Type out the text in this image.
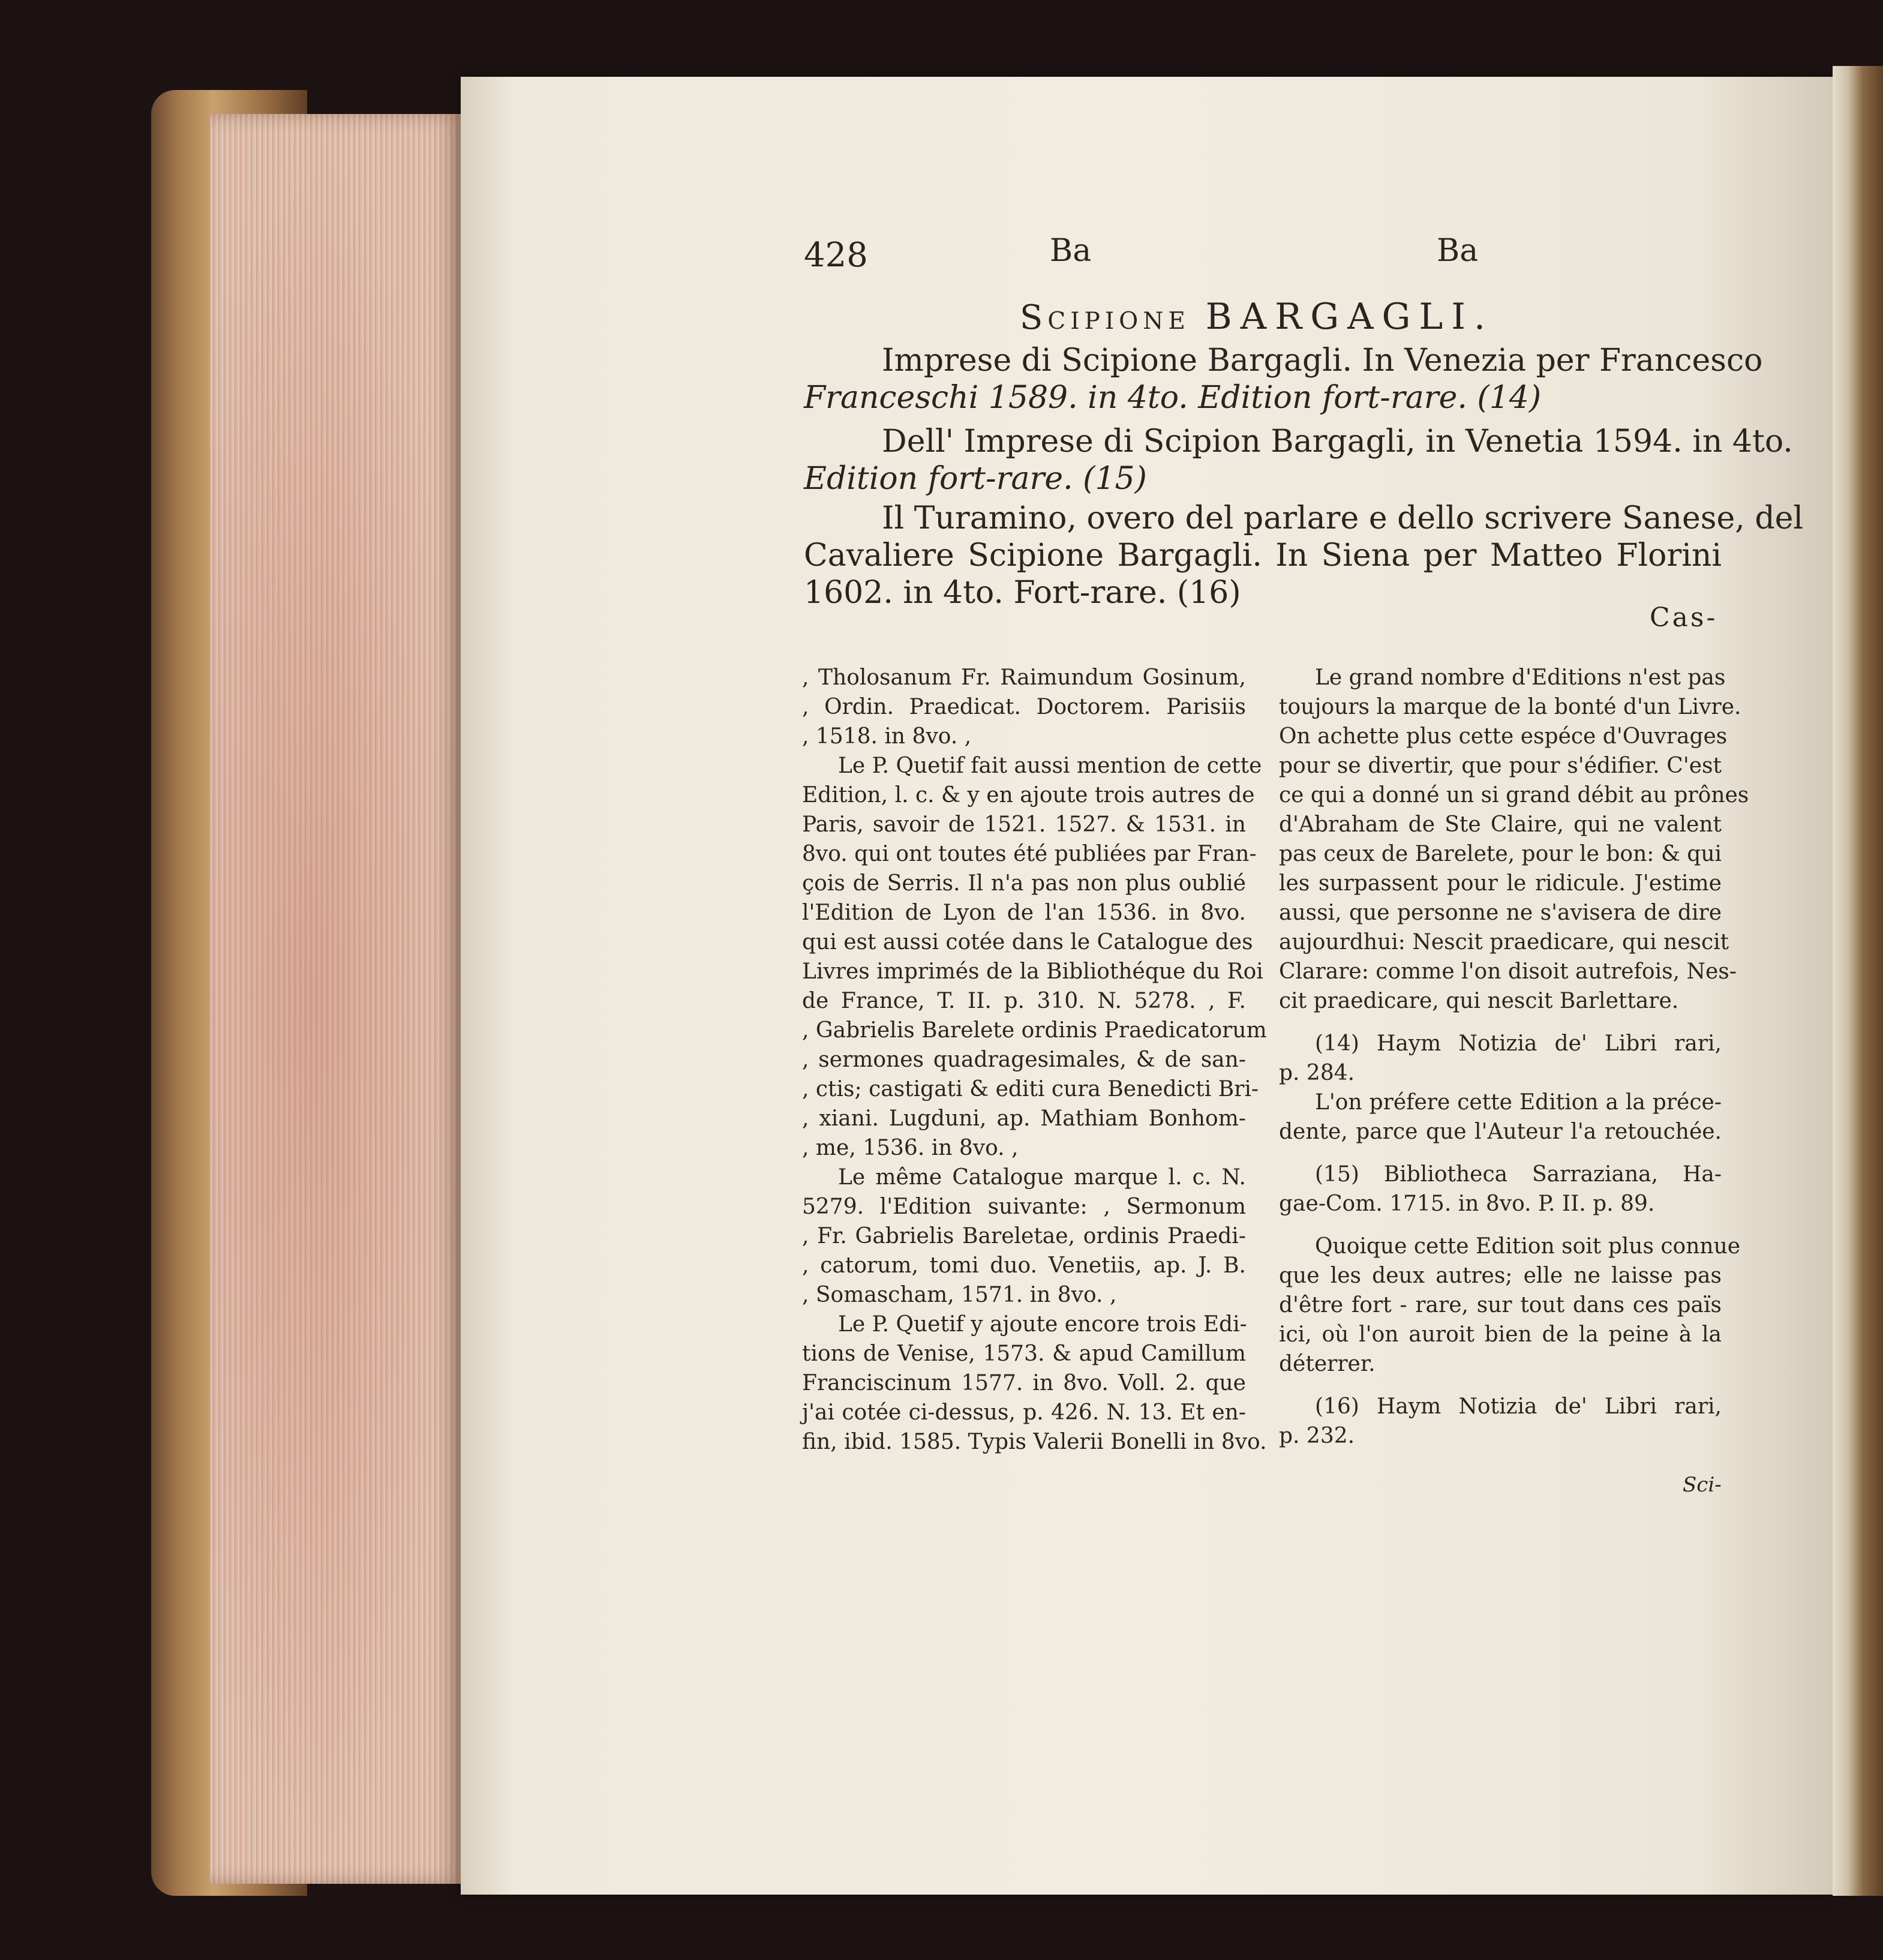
428	Ba	Ba
Scipione BARGAGLI.
Imprese di Scipione Bargagli. In Venezia per Francesco
Franceschi 1589. in 4to. Edition fort-rare. (14)
Dell' Imprese di Scipion Bargagli, in Venetia 1594. in 4to.
Edition fort-rare. (15)
Il Turamino, overo del parlare e dello scrivere Sanese, del
Cavaliere Scipione Bargagli. In Siena per Matteo Florini
1602. in 4to. Fort-rare. (16)
Cas-
, Tholosanum Fr. Raimundum Gosinum,
, Ordin. Praedicat. Doctorem. Parisiis
, 1518. in 8vo. ,
Le P. Quetif fait aussi mention de cette
Edition, l. c. & y en ajoute trois autres de
Paris, savoir de 1521. 1527. & 1531. in
8vo. qui ont toutes été publiées par Fran-
çois de Serris. Il n'a pas non plus oublié
l'Edition de Lyon de l'an 1536. in 8vo.
qui est aussi cotée dans le Catalogue des
Livres imprimés de la Bibliothéque du Roi
de France, T. II. p. 310. N. 5278. , F.
, Gabrielis Barelete ordinis Praedicatorum
, sermones quadragesimales, & de san-
, ctis; castigati & editi cura Benedicti Bri-
, xiani. Lugduni, ap. Mathiam Bonhom-
, me, 1536. in 8vo. ,
Le même Catalogue marque l. c. N.
5279. l'Edition suivante: , Sermonum
, Fr. Gabrielis Bareletae, ordinis Praedi-
, catorum, tomi duo. Venetiis, ap. J. B.
, Somascham, 1571. in 8vo. ,
Le P. Quetif y ajoute encore trois Edi-
tions de Venise, 1573. & apud Camillum
Franciscinum 1577. in 8vo. Voll. 2. que
j'ai cotée ci-dessus, p. 426. N. 13. Et en-
fin, ibid. 1585. Typis Valerii Bonelli in 8vo.
Le grand nombre d'Editions n'est pas
toujours la marque de la bonté d'un Livre.
On achette plus cette espéce d'Ouvrages
pour se divertir, que pour s'édifier. C'est
ce qui a donné un si grand débit au prônes
d'Abraham de Ste Claire, qui ne valent
pas ceux de Barelete, pour le bon: & qui
les surpassent pour le ridicule. J'estime
aussi, que personne ne s'avisera de dire
aujourdhui: Nescit praedicare, qui nescit
Clarare: comme l'on disoit autrefois, Nes-
cit praedicare, qui nescit Barlettare.
(14) Haym Notizia de' Libri rari,
p. 284.
L'on préfere cette Edition a la préce-
dente, parce que l'Auteur l'a retouchée.
(15) Bibliotheca Sarraziana, Ha-
gae-Com. 1715. in 8vo. P. II. p. 89.
Quoique cette Edition soit plus connue
que les deux autres; elle ne laisse pas
d'être fort - rare, sur tout dans ces païs
ici, où l'on auroit bien de la peine à la
déterrer.
(16) Haym Notizia de' Libri rari,
p. 232.
Sci-
